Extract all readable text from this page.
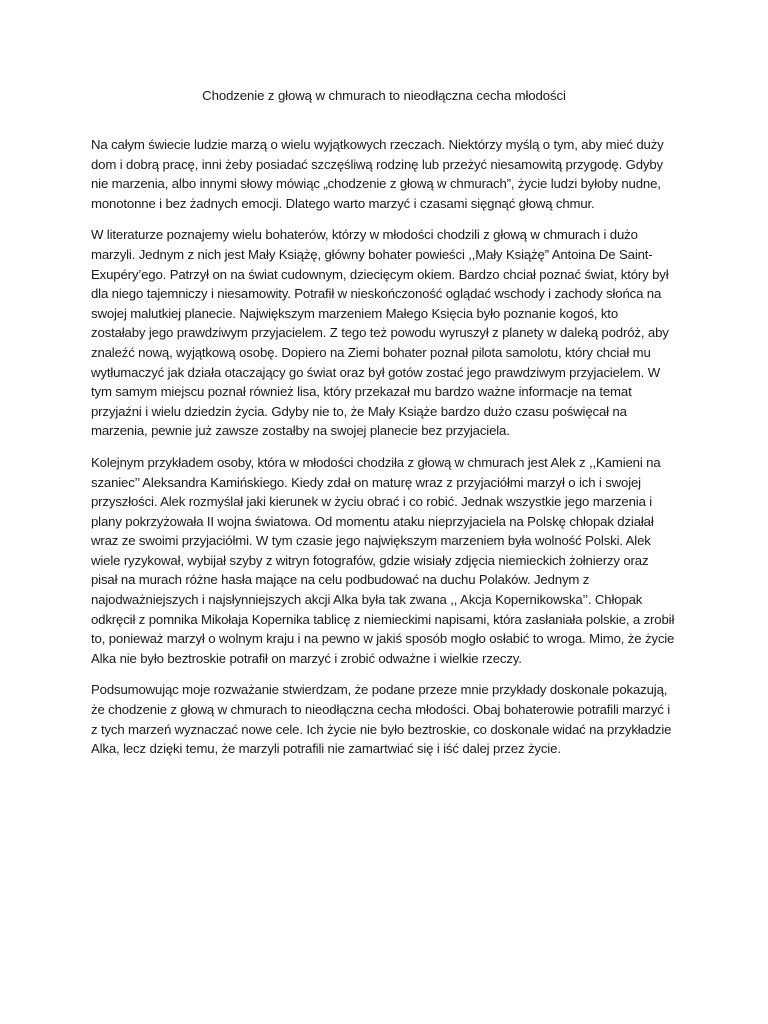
Chodzenie z głową w chmurach to nieodłączna cecha młodości

Na całym świecie ludzie marzą o wielu wyjątkowych rzeczach. Niektórzy myślą o tym, aby mieć duży dom i dobrą pracę, inni żeby posiadać szczęśliwą rodzinę lub przeżyć niesamowitą przygodę. Gdyby nie marzenia, albo innymi słowy mówiąc „chodzenie z głową w chmurach”, życie ludzi byłoby nudne, monotonne i bez żadnych emocji. Dlatego warto marzyć i czasami sięgnąć głową chmur.

W literaturze poznajemy wielu bohaterów, którzy w młodości chodzili z głową w chmurach i dużo marzyli. Jednym z nich jest Mały Książę, główny bohater powieści ,,Mały Książę” Antoina De Saint-Exupéry’ego. Patrzył on na świat cudownym, dziecięcym okiem. Bardzo chciał poznać świat, który był dla niego tajemniczy i niesamowity. Potrafił w nieskończoność oglądać wschody i zachody słońca na swojej malutkiej planecie. Największym marzeniem Małego Księcia było poznanie kogoś, kto zostałaby jego prawdziwym przyjacielem. Z tego też powodu wyruszył z planety w daleką podróż, aby znaleźć nową, wyjątkową osobę. Dopiero na Ziemi bohater poznał pilota samolotu, który chciał mu wytłumaczyć jak działa otaczający go świat oraz był gotów zostać jego prawdziwym przyjacielem. W tym samym miejscu poznał również lisa, który przekazał mu bardzo ważne informacje na temat przyjaźni i wielu dziedzin życia. Gdyby nie to, że Mały Książe bardzo dużo czasu poświęcał na marzenia, pewnie już zawsze zostałby na swojej planecie bez przyjaciela.

Kolejnym przykładem osoby, która w młodości chodziła z głową w chmurach jest Alek z ,,Kamieni na szaniec’’ Aleksandra Kamińskiego. Kiedy zdał on maturę wraz z przyjaciółmi marzył o ich i swojej przyszłości. Alek rozmyślał jaki kierunek w życiu obrać i co robić. Jednak wszystkie jego marzenia i plany pokrzyżowała II wojna światowa. Od momentu ataku nieprzyjaciela na Polskę chłopak działał wraz ze swoimi przyjaciółmi. W tym czasie jego największym marzeniem była wolność Polski. Alek wiele ryzykował, wybijał szyby z witryn fotografów, gdzie wisiały zdjęcia niemieckich żołnierzy oraz pisał na murach różne hasła mające na celu podbudować na duchu Polaków. Jednym z najodważniejszych i najsłynniejszych akcji Alka była tak zwana ,, Akcja Kopernikowska’’. Chłopak odkręcił z pomnika Mikołaja Kopernika tablicę z niemieckimi napisami, która zasłaniała polskie, a zrobił to, ponieważ marzył o wolnym kraju i na pewno w jakiś sposób mogło osłabić to wroga. Mimo, że życie Alka nie było beztroskie potrafił on marzyć i zrobić odważne i wielkie rzeczy.

Podsumowując moje rozważanie stwierdzam, że podane przeze mnie przykłady doskonale pokazują, że chodzenie z głową w chmurach to nieodłączna cecha młodości. Obaj bohaterowie potrafili marzyć i z tych marzeń wyznaczać nowe cele. Ich życie nie było beztroskie, co doskonale widać na przykładzie Alka, lecz dzięki temu, że marzyli potrafili nie zamartwiać się i iść dalej przez życie.
